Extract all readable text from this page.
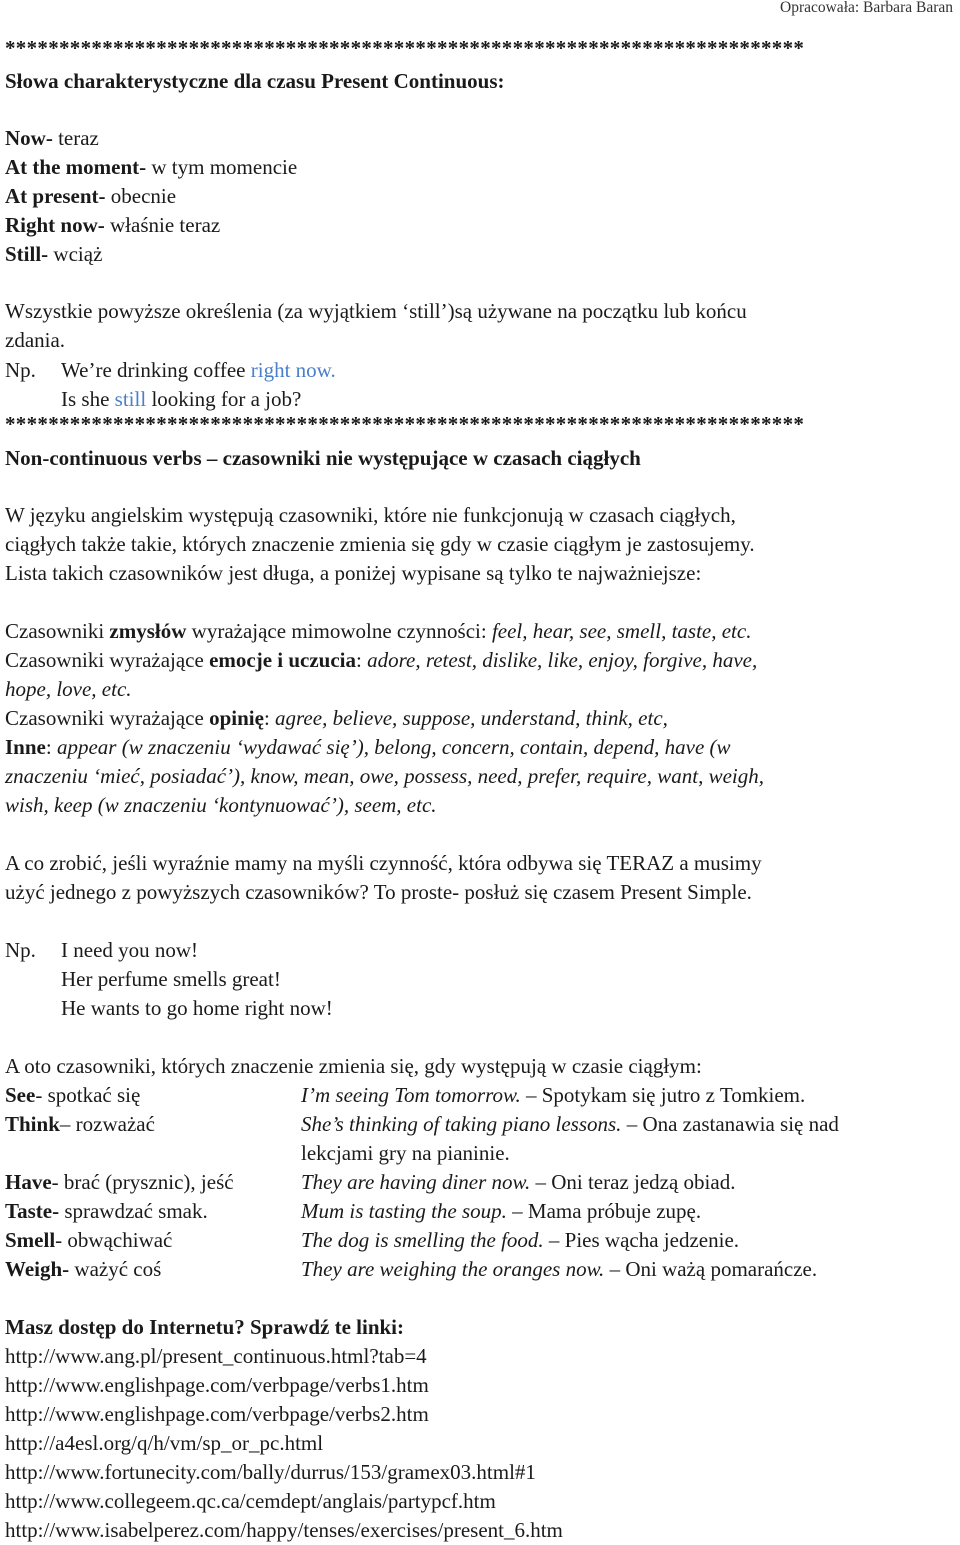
Opracowała: Barbara Baran
**************************************************************************
Słowa charakterystyczne dla czasu Present Continuous:
Now- teraz
At the moment- w tym momencie
At present- obecnie
Right now- właśnie teraz
Still- wciąż
Wszystkie powyższe określenia (za wyjątkiem ‘still’)są używane na początku lub końcu
zdania.
Np. We’re drinking coffee right now.
Is she still looking for a job?
**************************************************************************
Non-continuous verbs – czasowniki nie występujące w czasach ciągłych
W języku angielskim występują czasowniki, które nie funkcjonują w czasach ciągłych,
ciągłych także takie, których znaczenie zmienia się gdy w czasie ciągłym je zastosujemy.
Lista takich czasowników jest długa, a poniżej wypisane są tylko te najważniejsze:
Czasowniki zmysłów wyrażające mimowolne czynności: feel, hear, see, smell, taste, etc.
Czasowniki wyrażające emocje i uczucia: adore, retest, dislike, like, enjoy, forgive, have,
hope, love, etc.
Czasowniki wyrażające opinię: agree, believe, suppose, understand, think, etc,
Inne: appear (w znaczeniu ‘wydawać się’), belong, concern, contain, depend, have (w
znaczeniu ‘mieć, posiadać’), know, mean, owe, possess, need, prefer, require, want, weigh,
wish, keep (w znaczeniu ‘kontynuować’), seem, etc.
A co zrobić, jeśli wyraźnie mamy na myśli czynność, która odbywa się TERAZ a musimy
użyć jednego z powyższych czasowników? To proste- posłuż się czasem Present Simple.
Np. I need you now!
Her perfume smells great!
He wants to go home right now!
A oto czasowniki, których znaczenie zmienia się, gdy występują w czasie ciągłym:
See- spotkać się	I’m seeing Tom tomorrow. – Spotykam się jutro z Tomkiem.
Think– rozważać	She’s thinking of taking piano lessons. – Ona zastanawia się nad
lekcjami gry na pianinie.
Have- brać (prysznic), jeść	They are having diner now. – Oni teraz jedzą obiad.
Taste- sprawdzać smak.	Mum is tasting the soup. – Mama próbuje zupę.
Smell- obwąchiwać	The dog is smelling the food. – Pies wącha jedzenie.
Weigh- ważyć coś	They are weighing the oranges now. – Oni ważą pomarańcze.
Masz dostęp do Internetu? Sprawdź te linki:
http://www.ang.pl/present_continuous.html?tab=4
http://www.englishpage.com/verbpage/verbs1.htm
http://www.englishpage.com/verbpage/verbs2.htm
http://a4esl.org/q/h/vm/sp_or_pc.html
http://www.fortunecity.com/bally/durrus/153/gramex03.html#1
http://www.collegeem.qc.ca/cemdept/anglais/partypcf.htm
http://www.isabelperez.com/happy/tenses/exercises/present_6.htm
